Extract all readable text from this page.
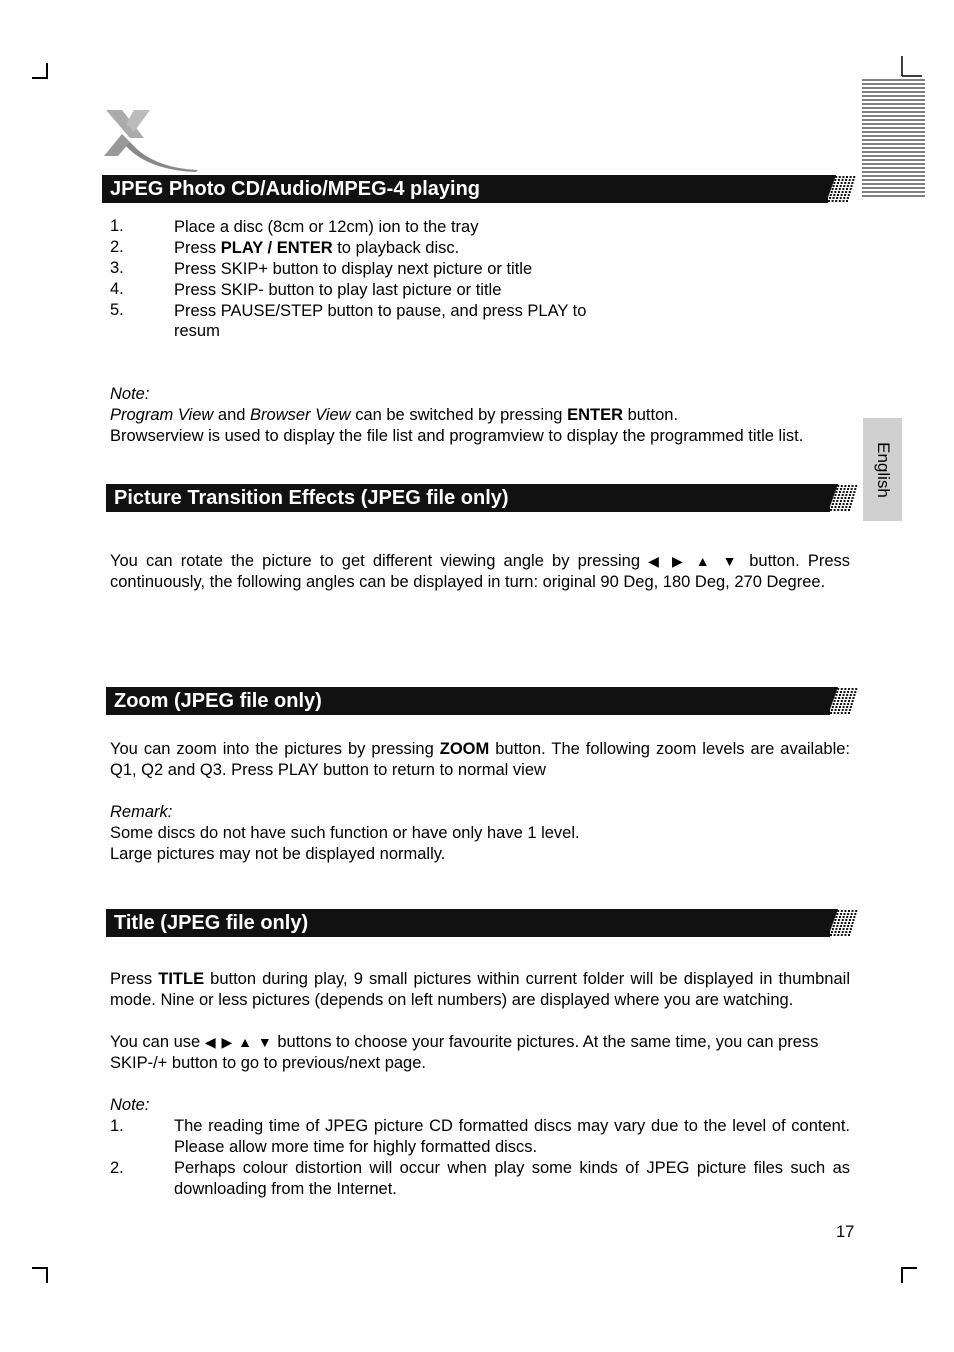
English
JPEG Photo CD/Audio/MPEG-4 playing
1.	Place a disc (8cm or 12cm) ion to the tray
2.	Press PLAY / ENTER to playback disc.
3.	Press SKIP+ button to display next picture or title
4.	Press SKIP- button to play last picture or title
5.	Press PAUSE/STEP button to pause, and press PLAY to
resum
Note:
Program View and Browser View can be switched by pressing ENTER button.
Browserview is used to display the file list and programview to display the programmed title list.
Picture Transition Effects (JPEG file only)
You can rotate the picture to get different viewing angle by pressing ◀ ▶ ▲ ▼ button. Press continuously, the following angles can be displayed in turn: original 90 Deg, 180 Deg, 270 Degree.
Zoom (JPEG file only)
You can zoom into the pictures by pressing ZOOM button. The following zoom levels are available: Q1, Q2 and Q3. Press PLAY button to return to normal view
Remark:
Some discs do not have such function or have only have 1 level.
Large pictures may not be displayed normally.
Title (JPEG file only)
Press TITLE button during play, 9 small pictures within current folder will be displayed in thumbnail mode. Nine or less pictures (depends on left numbers) are displayed where you are watching.
You can use ◀ ▶ ▲ ▼ buttons to choose your favourite pictures. At the same time, you can press SKIP-/+ button to go to previous/next page.
Note:
1.	The reading time of JPEG picture CD formatted discs may vary due to the level of content. Please allow more time for highly formatted discs.
2.	Perhaps colour distortion will occur when play some kinds of JPEG picture files such as downloading from the Internet.
17
